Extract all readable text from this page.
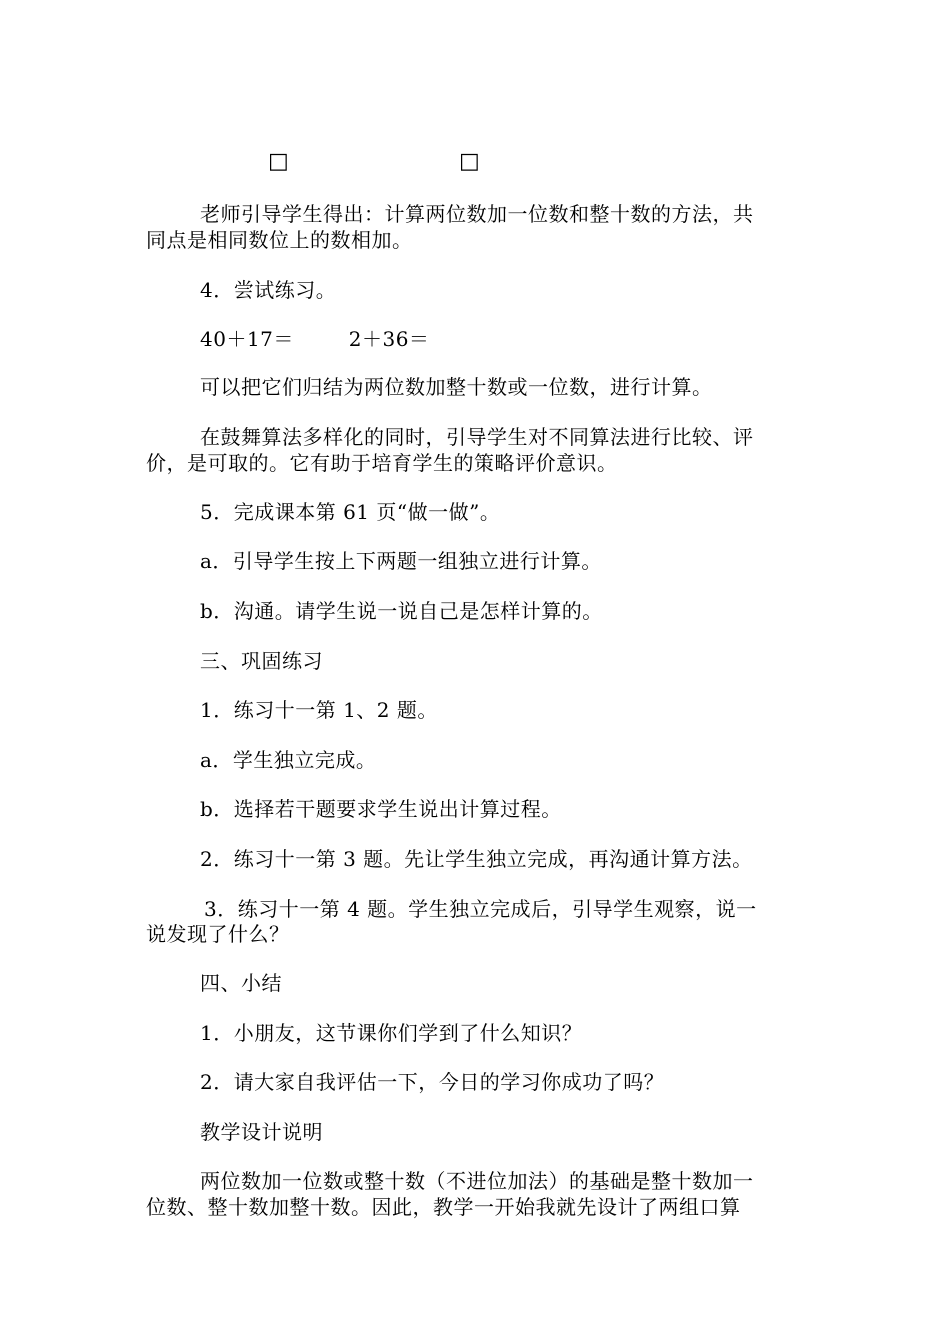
□	□
老师引导学生得出：计算两位数加一位数和整十数的方法，共
同点是相同数位上的数相加。
4．尝试练习。
40＋17＝        2＋36＝
可以把它们归结为两位数加整十数或一位数，进行计算。
在鼓舞算法多样化的同时，引导学生对不同算法进行比较、评
价，是可取的。它有助于培育学生的策略评价意识。
5．完成课本第 61 页“做一做”。
a．引导学生按上下两题一组独立进行计算。
b．沟通。请学生说一说自己是怎样计算的。
三、巩固练习
1．练习十一第 1、2 题。
a．学生独立完成。
b．选择若干题要求学生说出计算过程。
2．练习十一第 3 题。先让学生独立完成，再沟通计算方法。
3．练习十一第 4 题。学生独立完成后，引导学生观察，说一
说发现了什么？
四、小结
1．小朋友，这节课你们学到了什么知识？
2．请大家自我评估一下，今日的学习你成功了吗？
教学设计说明
两位数加一位数或整十数（不进位加法）的基础是整十数加一
位数、整十数加整十数。因此，教学一开始我就先设计了两组口算
